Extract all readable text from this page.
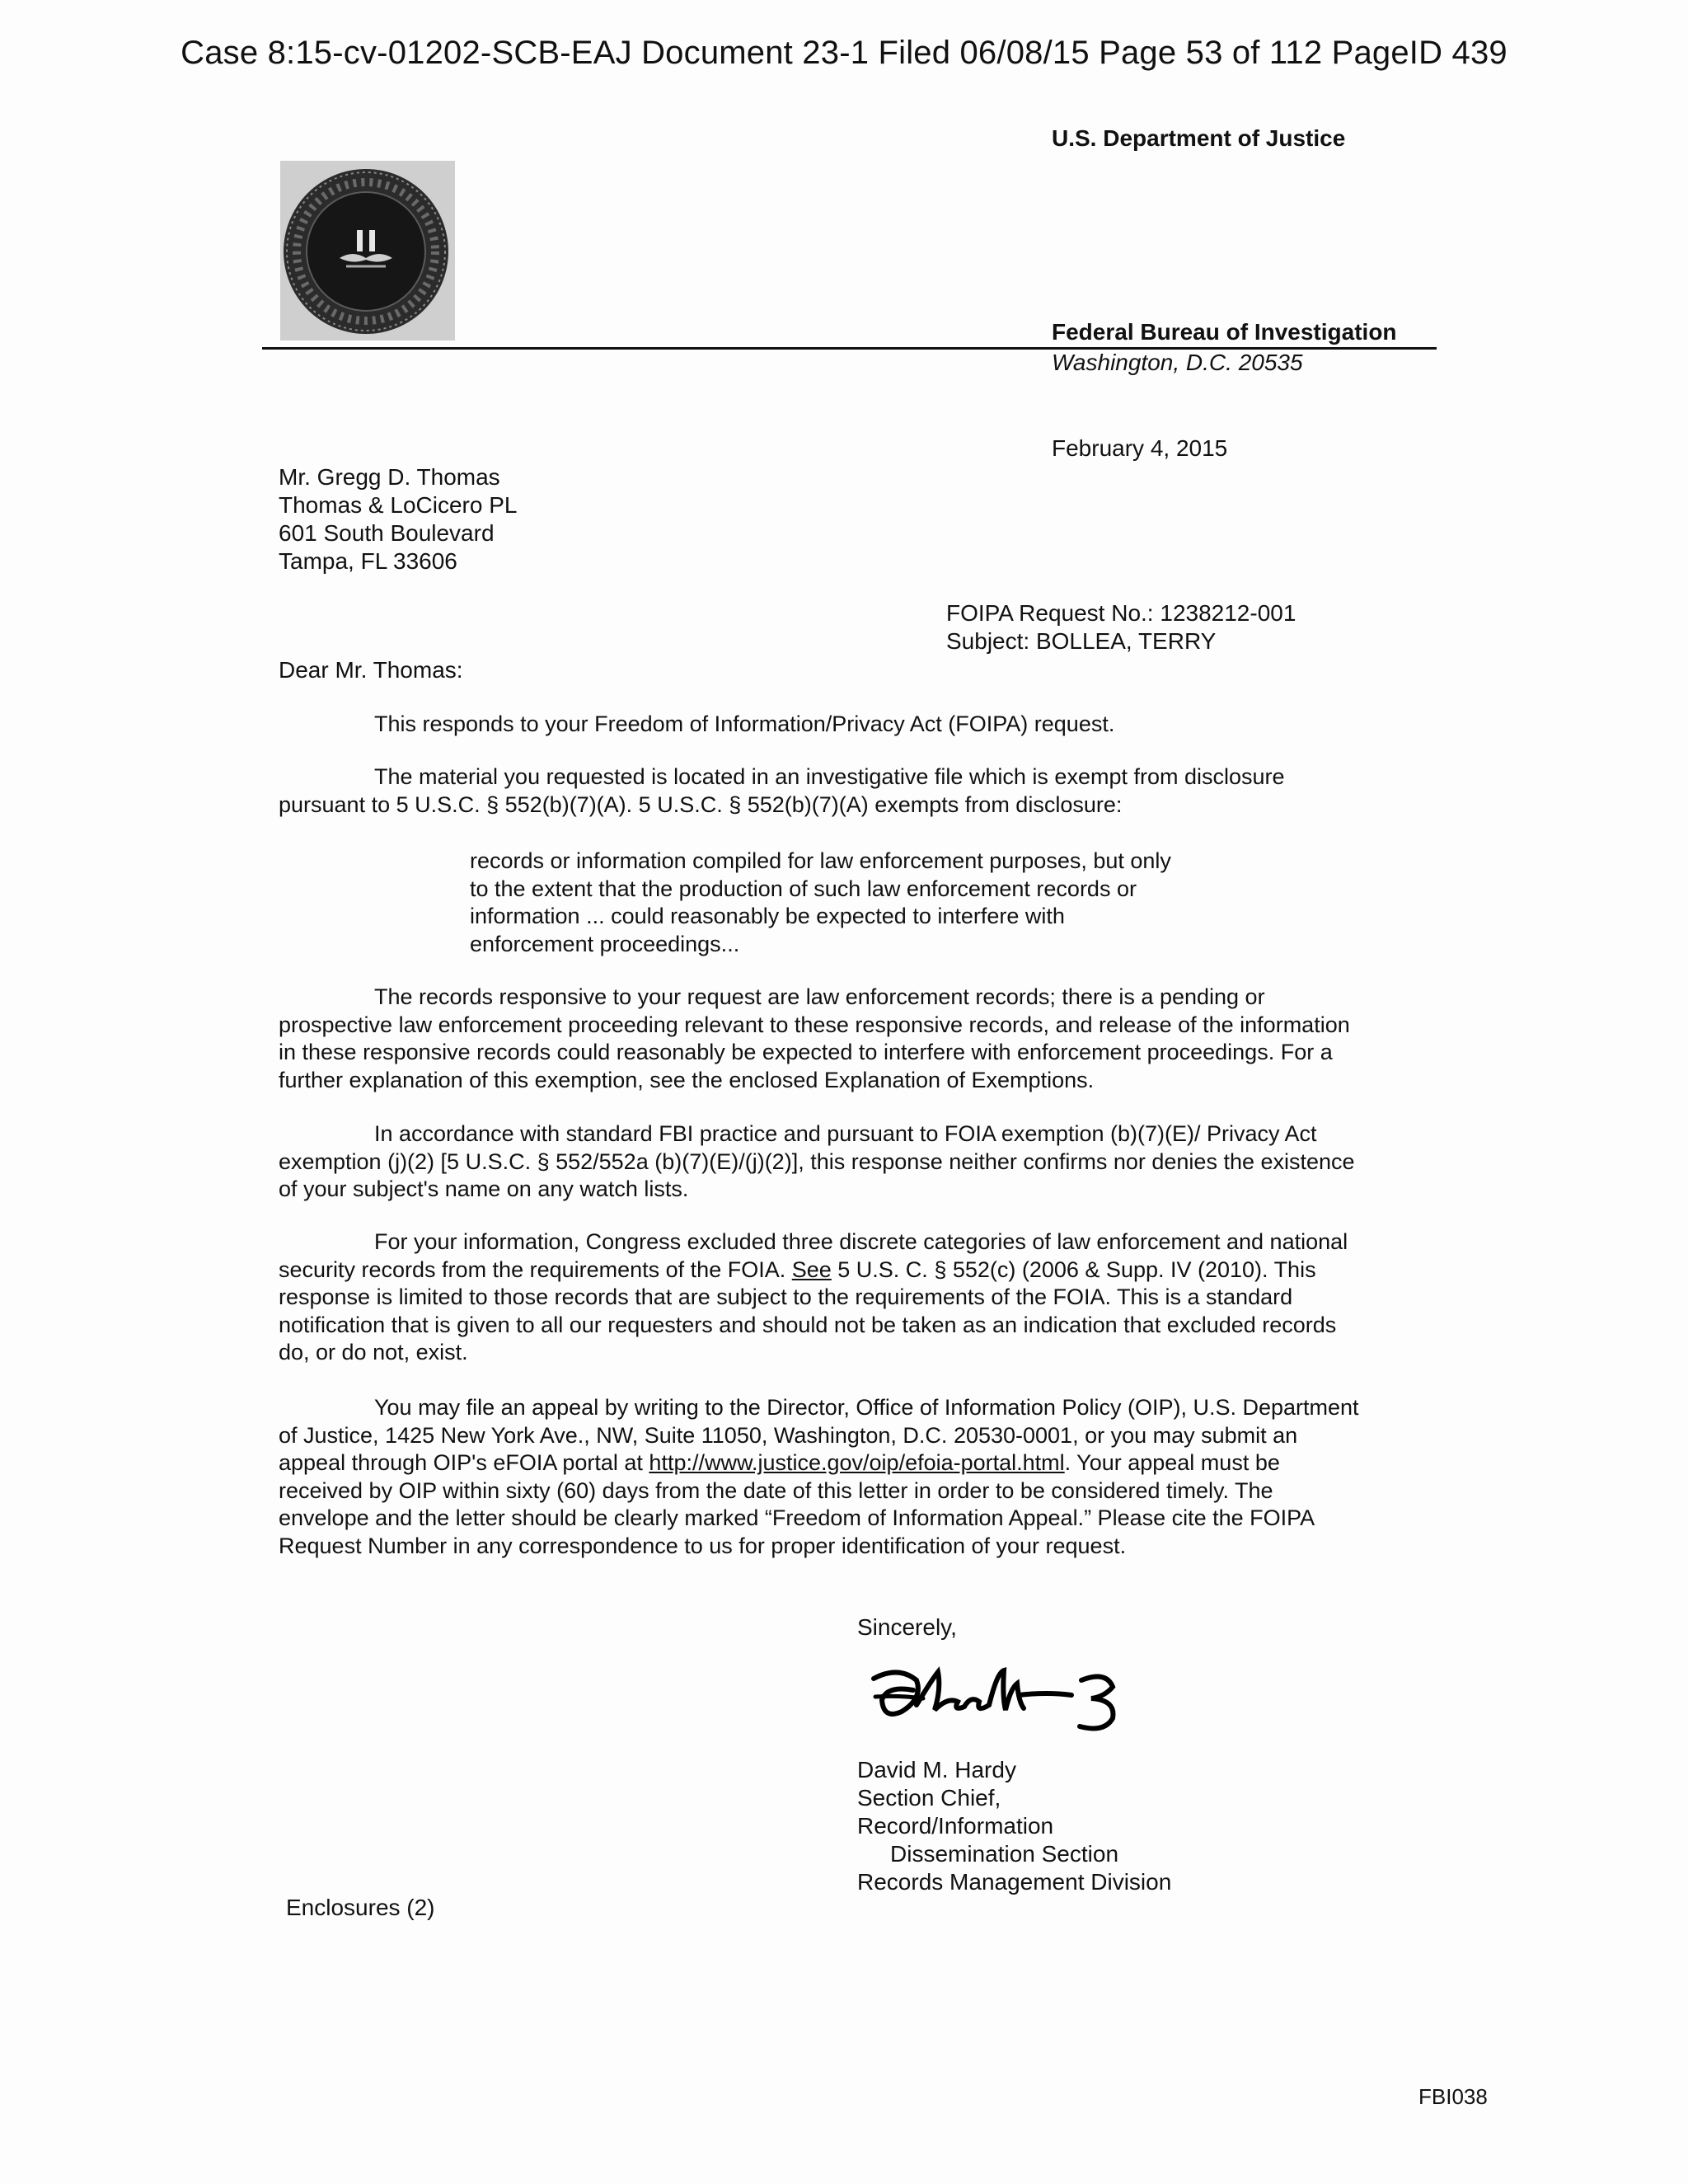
Case 8:15-cv-01202-SCB-EAJ Document 23-1 Filed 06/08/15 Page 53 of 112 PageID 439
U.S. Department of Justice
Federal Bureau of Investigation
Washington, D.C. 20535
February 4, 2015
Mr. Gregg D. Thomas
Thomas & LoCicero PL
601 South Boulevard
Tampa, FL 33606
FOIPA Request No.: 1238212-001
Subject: BOLLEA, TERRY
Dear Mr. Thomas:
This responds to your Freedom of Information/Privacy Act (FOIPA) request.
The material you requested is located in an investigative file which is exempt from disclosure
pursuant to 5 U.S.C. § 552(b)(7)(A). 5 U.S.C. § 552(b)(7)(A) exempts from disclosure:
records or information compiled for law enforcement purposes, but only
to the extent that the production of such law enforcement records or
information ... could reasonably be expected to interfere with
enforcement proceedings...
The records responsive to your request are law enforcement records; there is a pending or
prospective law enforcement proceeding relevant to these responsive records, and release of the information
in these responsive records could reasonably be expected to interfere with enforcement proceedings. For a
further explanation of this exemption, see the enclosed Explanation of Exemptions.
In accordance with standard FBI practice and pursuant to FOIA exemption (b)(7)(E)/ Privacy Act
exemption (j)(2) [5 U.S.C. § 552/552a (b)(7)(E)/(j)(2)], this response neither confirms nor denies the existence
of your subject's name on any watch lists.
For your information, Congress excluded three discrete categories of law enforcement and national
security records from the requirements of the FOIA. See 5 U.S. C. § 552(c) (2006 & Supp. IV (2010). This
response is limited to those records that are subject to the requirements of the FOIA. This is a standard
notification that is given to all our requesters and should not be taken as an indication that excluded records
do, or do not, exist.
You may file an appeal by writing to the Director, Office of Information Policy (OIP), U.S. Department
of Justice, 1425 New York Ave., NW, Suite 11050, Washington, D.C. 20530-0001, or you may submit an
appeal through OIP's eFOIA portal at http://www.justice.gov/oip/efoia-portal.html. Your appeal must be
received by OIP within sixty (60) days from the date of this letter in order to be considered timely. The
envelope and the letter should be clearly marked “Freedom of Information Appeal.” Please cite the FOIPA
Request Number in any correspondence to us for proper identification of your request.
Sincerely,
David M. Hardy
Section Chief,
Record/Information
Dissemination Section
Records Management Division
Enclosures (2)
FBI038
